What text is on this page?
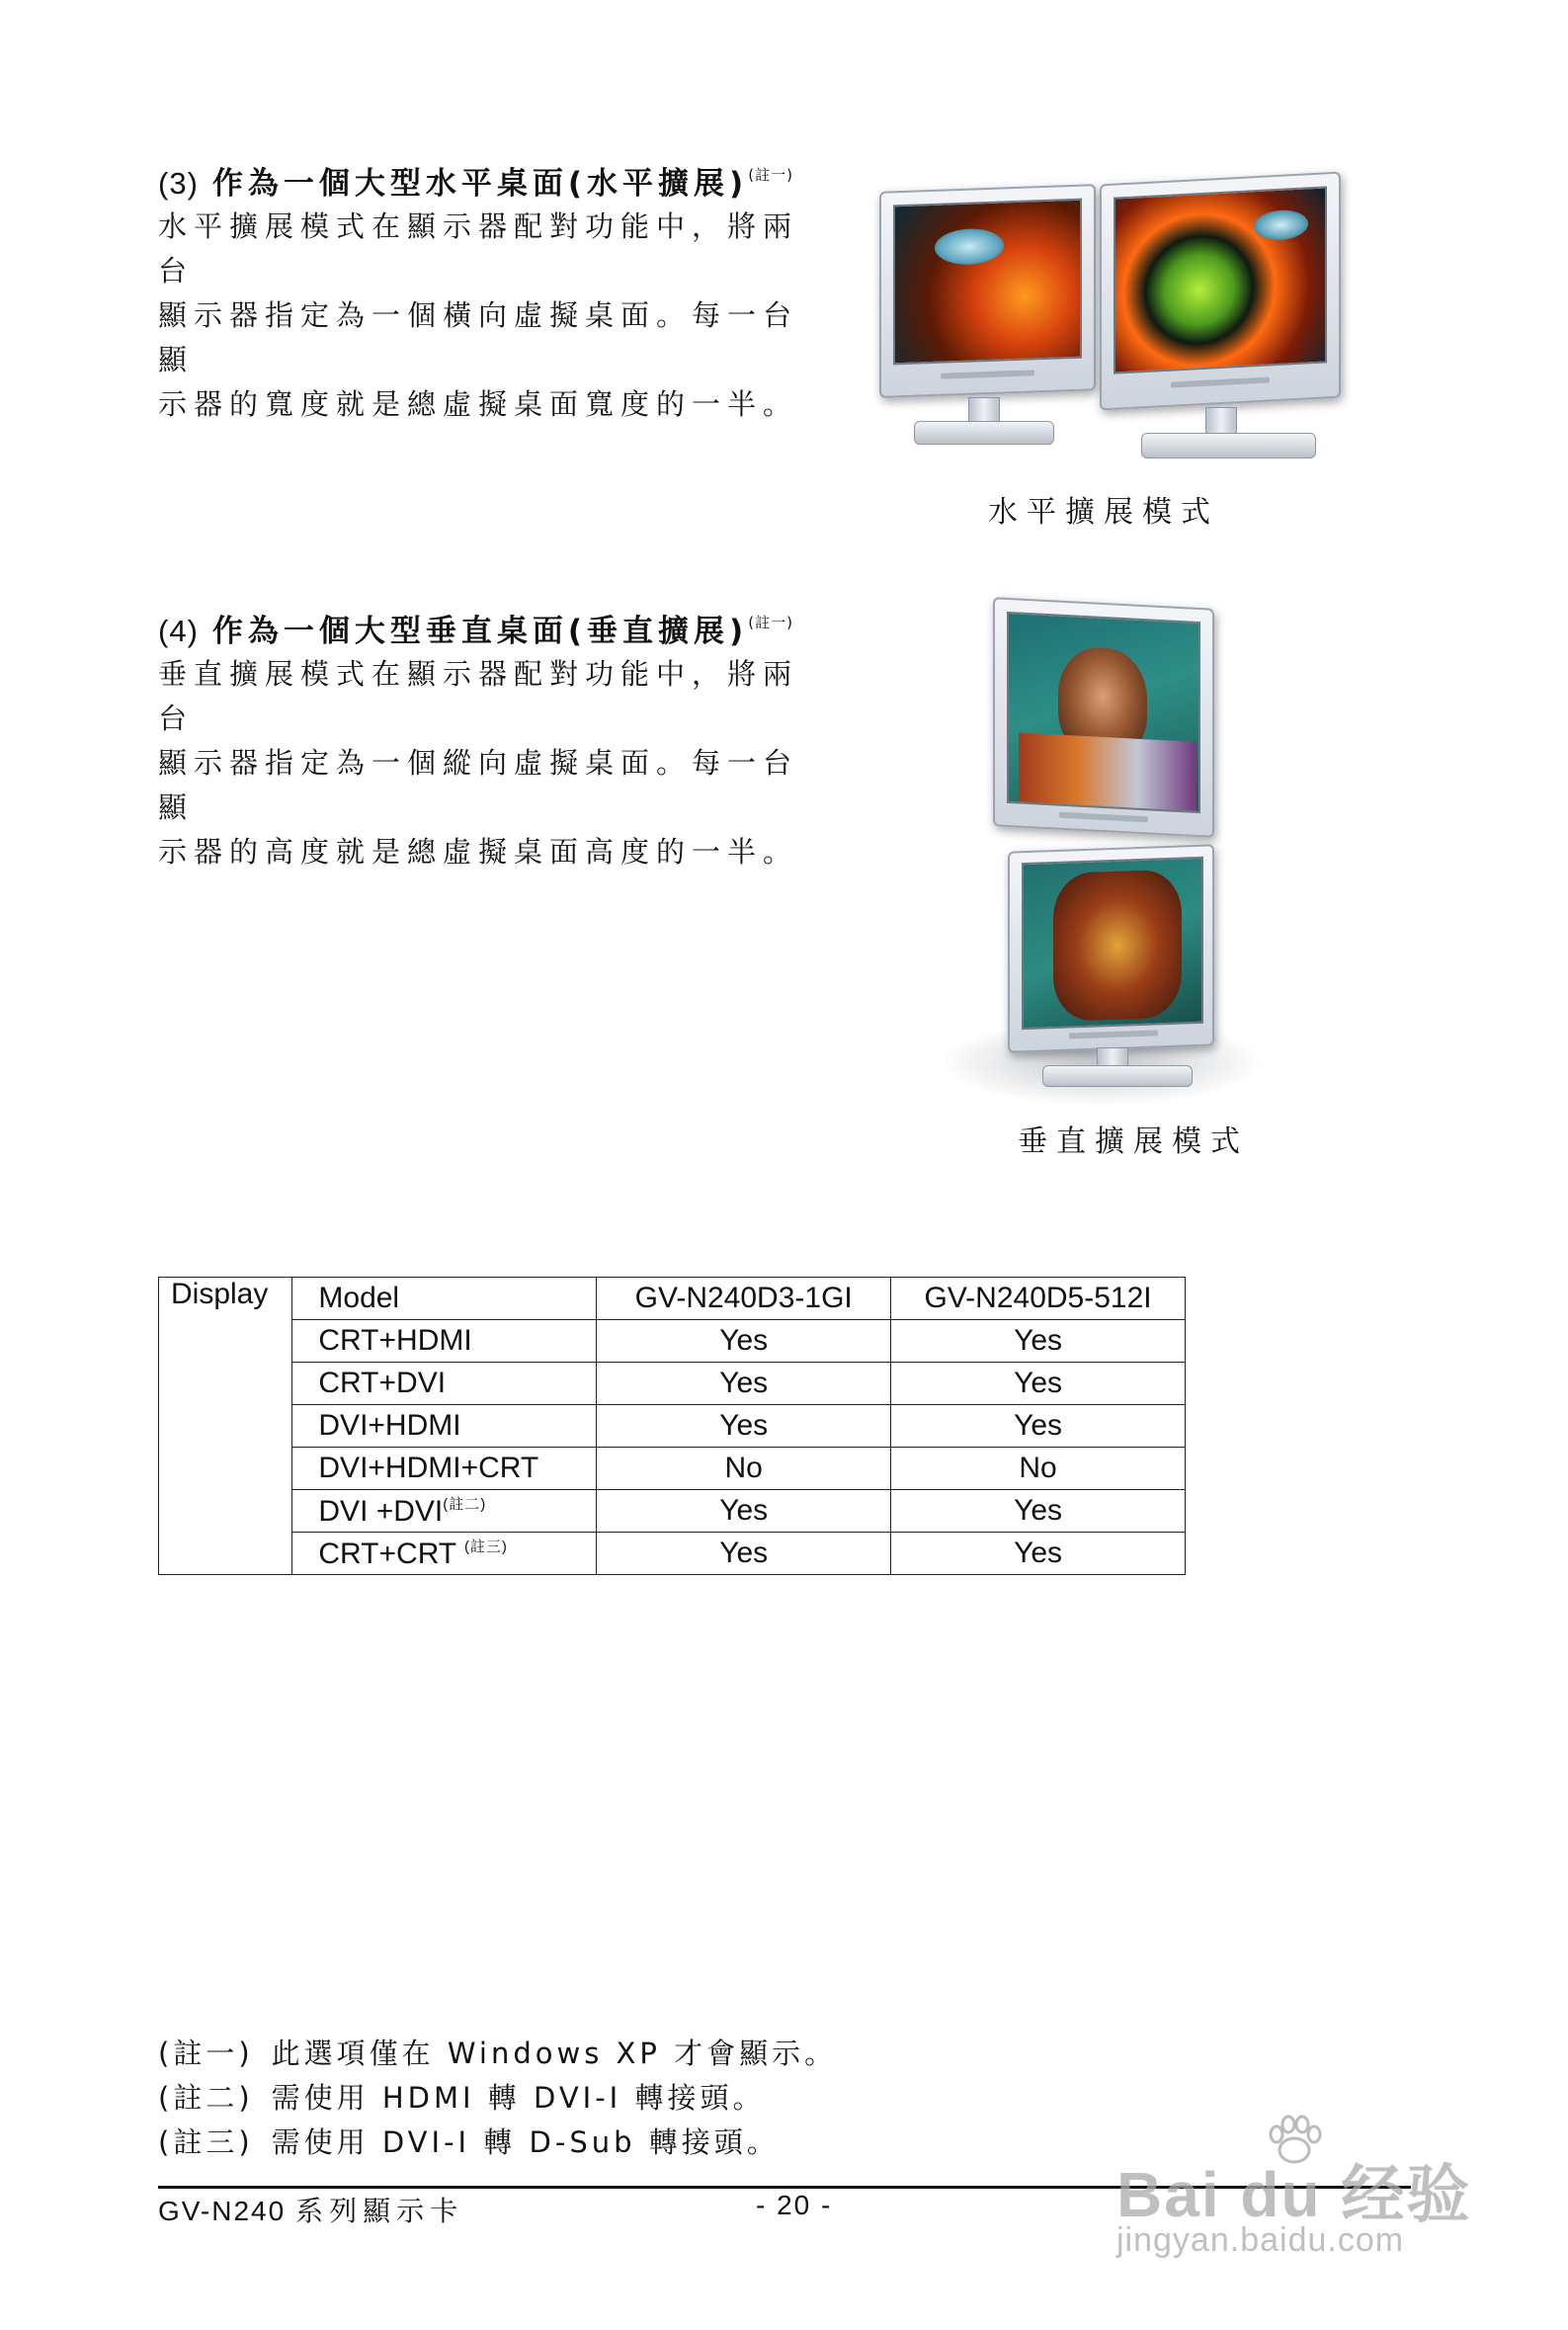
(3) 作為一個大型水平桌面(水平擴展)$^{(註一)}$
水平擴展模式在顯示器配對功能中，將兩台
顯示器指定為一個橫向虛擬桌面。每一台顯
示器的寬度就是總虛擬桌面寬度的一半。
水平擴展模式
(4) 作為一個大型垂直桌面(垂直擴展)$^{(註一)}$
垂直擴展模式在顯示器配對功能中，將兩台
顯示器指定為一個縱向虛擬桌面。每一台顯
示器的高度就是總虛擬桌面高度的一半。
垂直擴展模式
Display	Model	GV-N240D3-1GI	GV-N240D5-512I
	CRT+HDMI	Yes	Yes
	CRT+DVI	Yes	Yes
	DVI+HDMI	Yes	Yes
	DVI+HDMI+CRT	No	No
	DVI +DVI$^{(註二)}$	Yes	Yes
	CRT+CRT $^{(註三)}$	Yes	Yes
(註一) 此選項僅在 Windows XP 才會顯示。
(註二) 需使用 HDMI 轉 DVI-I 轉接頭。
(註三) 需使用 DVI-I 轉 D-Sub 轉接頭。
GV-N240 系列顯示卡	- 20 -	Bai du 经验
jingyan.baidu.com
